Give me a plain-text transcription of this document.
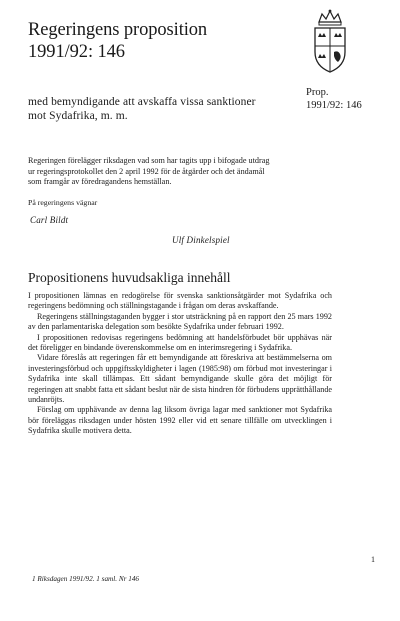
Regeringens proposition
1991/92: 146
Prop.
1991/92: 146
med bemyndigande att avskaffa vissa sanktioner
mot Sydafrika, m. m.

Regeringen förelägger riksdagen vad som har tagits upp i bifogade utdrag

ur regeringsprotokollet den 2 april 1992 för de åtgärder och det ändamål

som framgår av föredragandens hemställan.

På regeringens vägnar
Carl Bildt
Ulf Dinkelspiel
Propositionens huvudsakliga innehåll

I propositionen lämnas en redogörelse för svenska sanktionsåtgärder mot Sydafrika och regeringens bedömning och ställningstagande i frågan om deras avskaffande.

Regeringens ställningstaganden bygger i stor utsträckning på en rapport den 25 mars 1992 av den parlamentariska delegation som besökte Sydafrika under februari 1992.

I propositionen redovisas regeringens bedömning att handelsförbudet bör upphävas när det föreligger en bindande överenskommelse om en interimsregering i Sydafrika.

Vidare föreslås att regeringen får ett bemyndigande att föreskriva att bestämmelserna om investeringsförbud och uppgiftsskyldigheter i lagen (1985:98) om förbud mot investeringar i Sydafrika inte skall tillämpas. Ett sådant bemyndigande skulle göra det möjligt för regeringen att snabbt fatta ett sådant beslut när de sista hindren för förbudens upprätthållande undanröjts.

Förslag om upphävande av denna lag liksom övriga lagar med sanktioner mot Sydafrika bör föreläggas riksdagen under hösten 1992 eller vid ett senare tillfälle om utvecklingen i Sydafrika skulle motivera detta.

1
1 Riksdagen 1991/92. 1 saml. Nr 146
